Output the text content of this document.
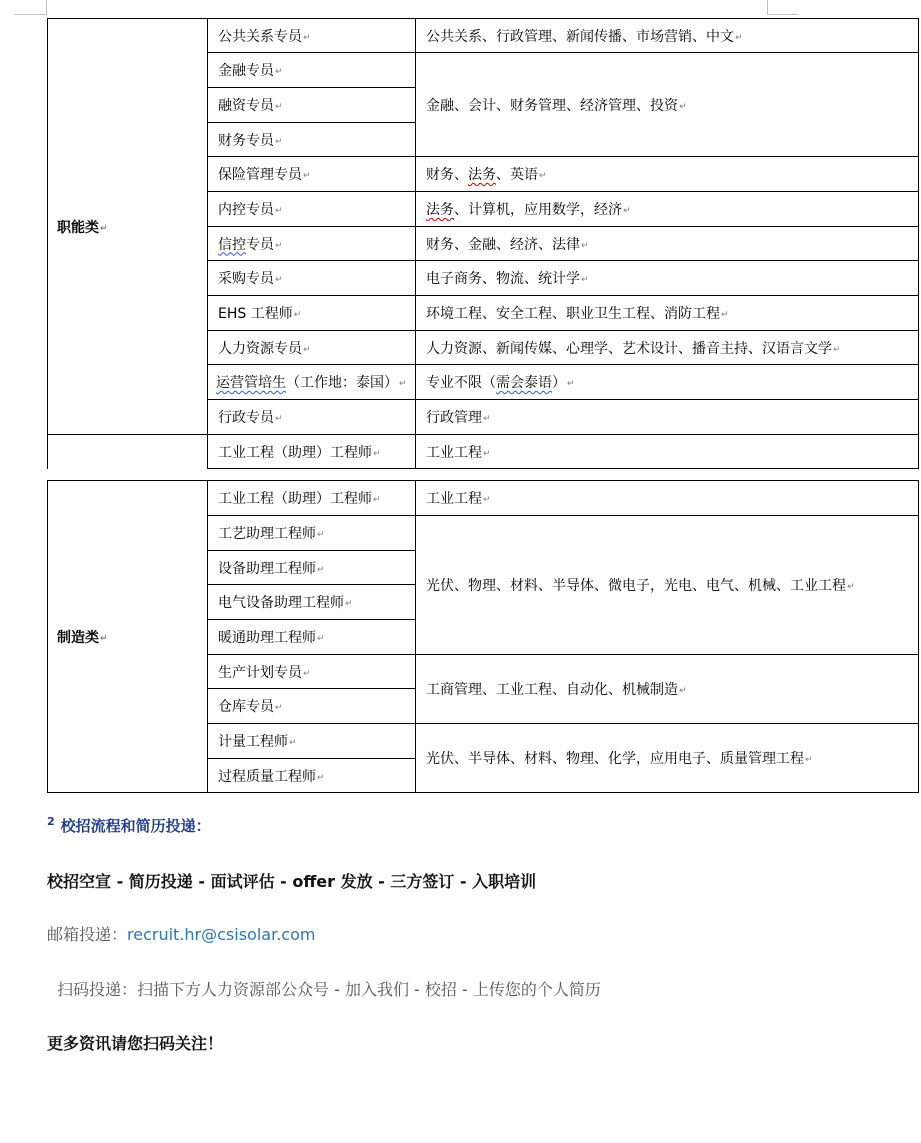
职能类 ↵	公共关系专员 ↵	公共关系、行政管理、新闻传播、市场营销、中文 ↵
	金融专员 ↵	金融、会计、财务管理、经济管理、投资 ↵
	融资专员 ↵
	财务专员 ↵
	保险管理专员 ↵	财务、法务、英语 ↵
	内控专员 ↵	法务、计算机，应用数学，经济 ↵
	信控专员 ↵	财务、金融、经济、法律 ↵
	采购专员 ↵	电子商务、物流、统计学 ↵
	EHS 工程师 ↵	环境工程、安全工程、职业卫生工程、消防工程 ↵
	人力资源专员 ↵	人力资源、新闻传媒、心理学、艺术设计、播音主持、汉语言文学 ↵
	运营管培生（工作地：泰国） ↵	专业不限（需会泰语） ↵
	行政专员 ↵	行政管理 ↵
	工业工程（助理）工程师 ↵	工业工程 ↵
制造类 ↵	工业工程（助理）工程师 ↵	工业工程 ↵
	工艺助理工程师 ↵	光伏、物理、材料、半导体、微电子，光电、电气、机械、工业工程 ↵
	设备助理工程师 ↵
	电气设备助理工程师 ↵
	暖通助理工程师 ↵
	生产计划专员 ↵	工商管理、工业工程、自动化、机械制造 ↵
	仓库专员 ↵
	计量工程师 ↵	光伏、半导体、材料、物理、化学，应用电子、质量管理工程 ↵
	过程质量工程师 ↵
$^2$ 校招流程和简历投递：
校招空宣 - 简历投递 - 面试评估 - offer 发放 - 三方签订 - 入职培训
邮箱投递：recruit.hr@csisolar.com
扫码投递：扫描下方人力资源部公众号 - 加入我们 - 校招 - 上传您的个人简历
更多资讯请您扫码关注！
